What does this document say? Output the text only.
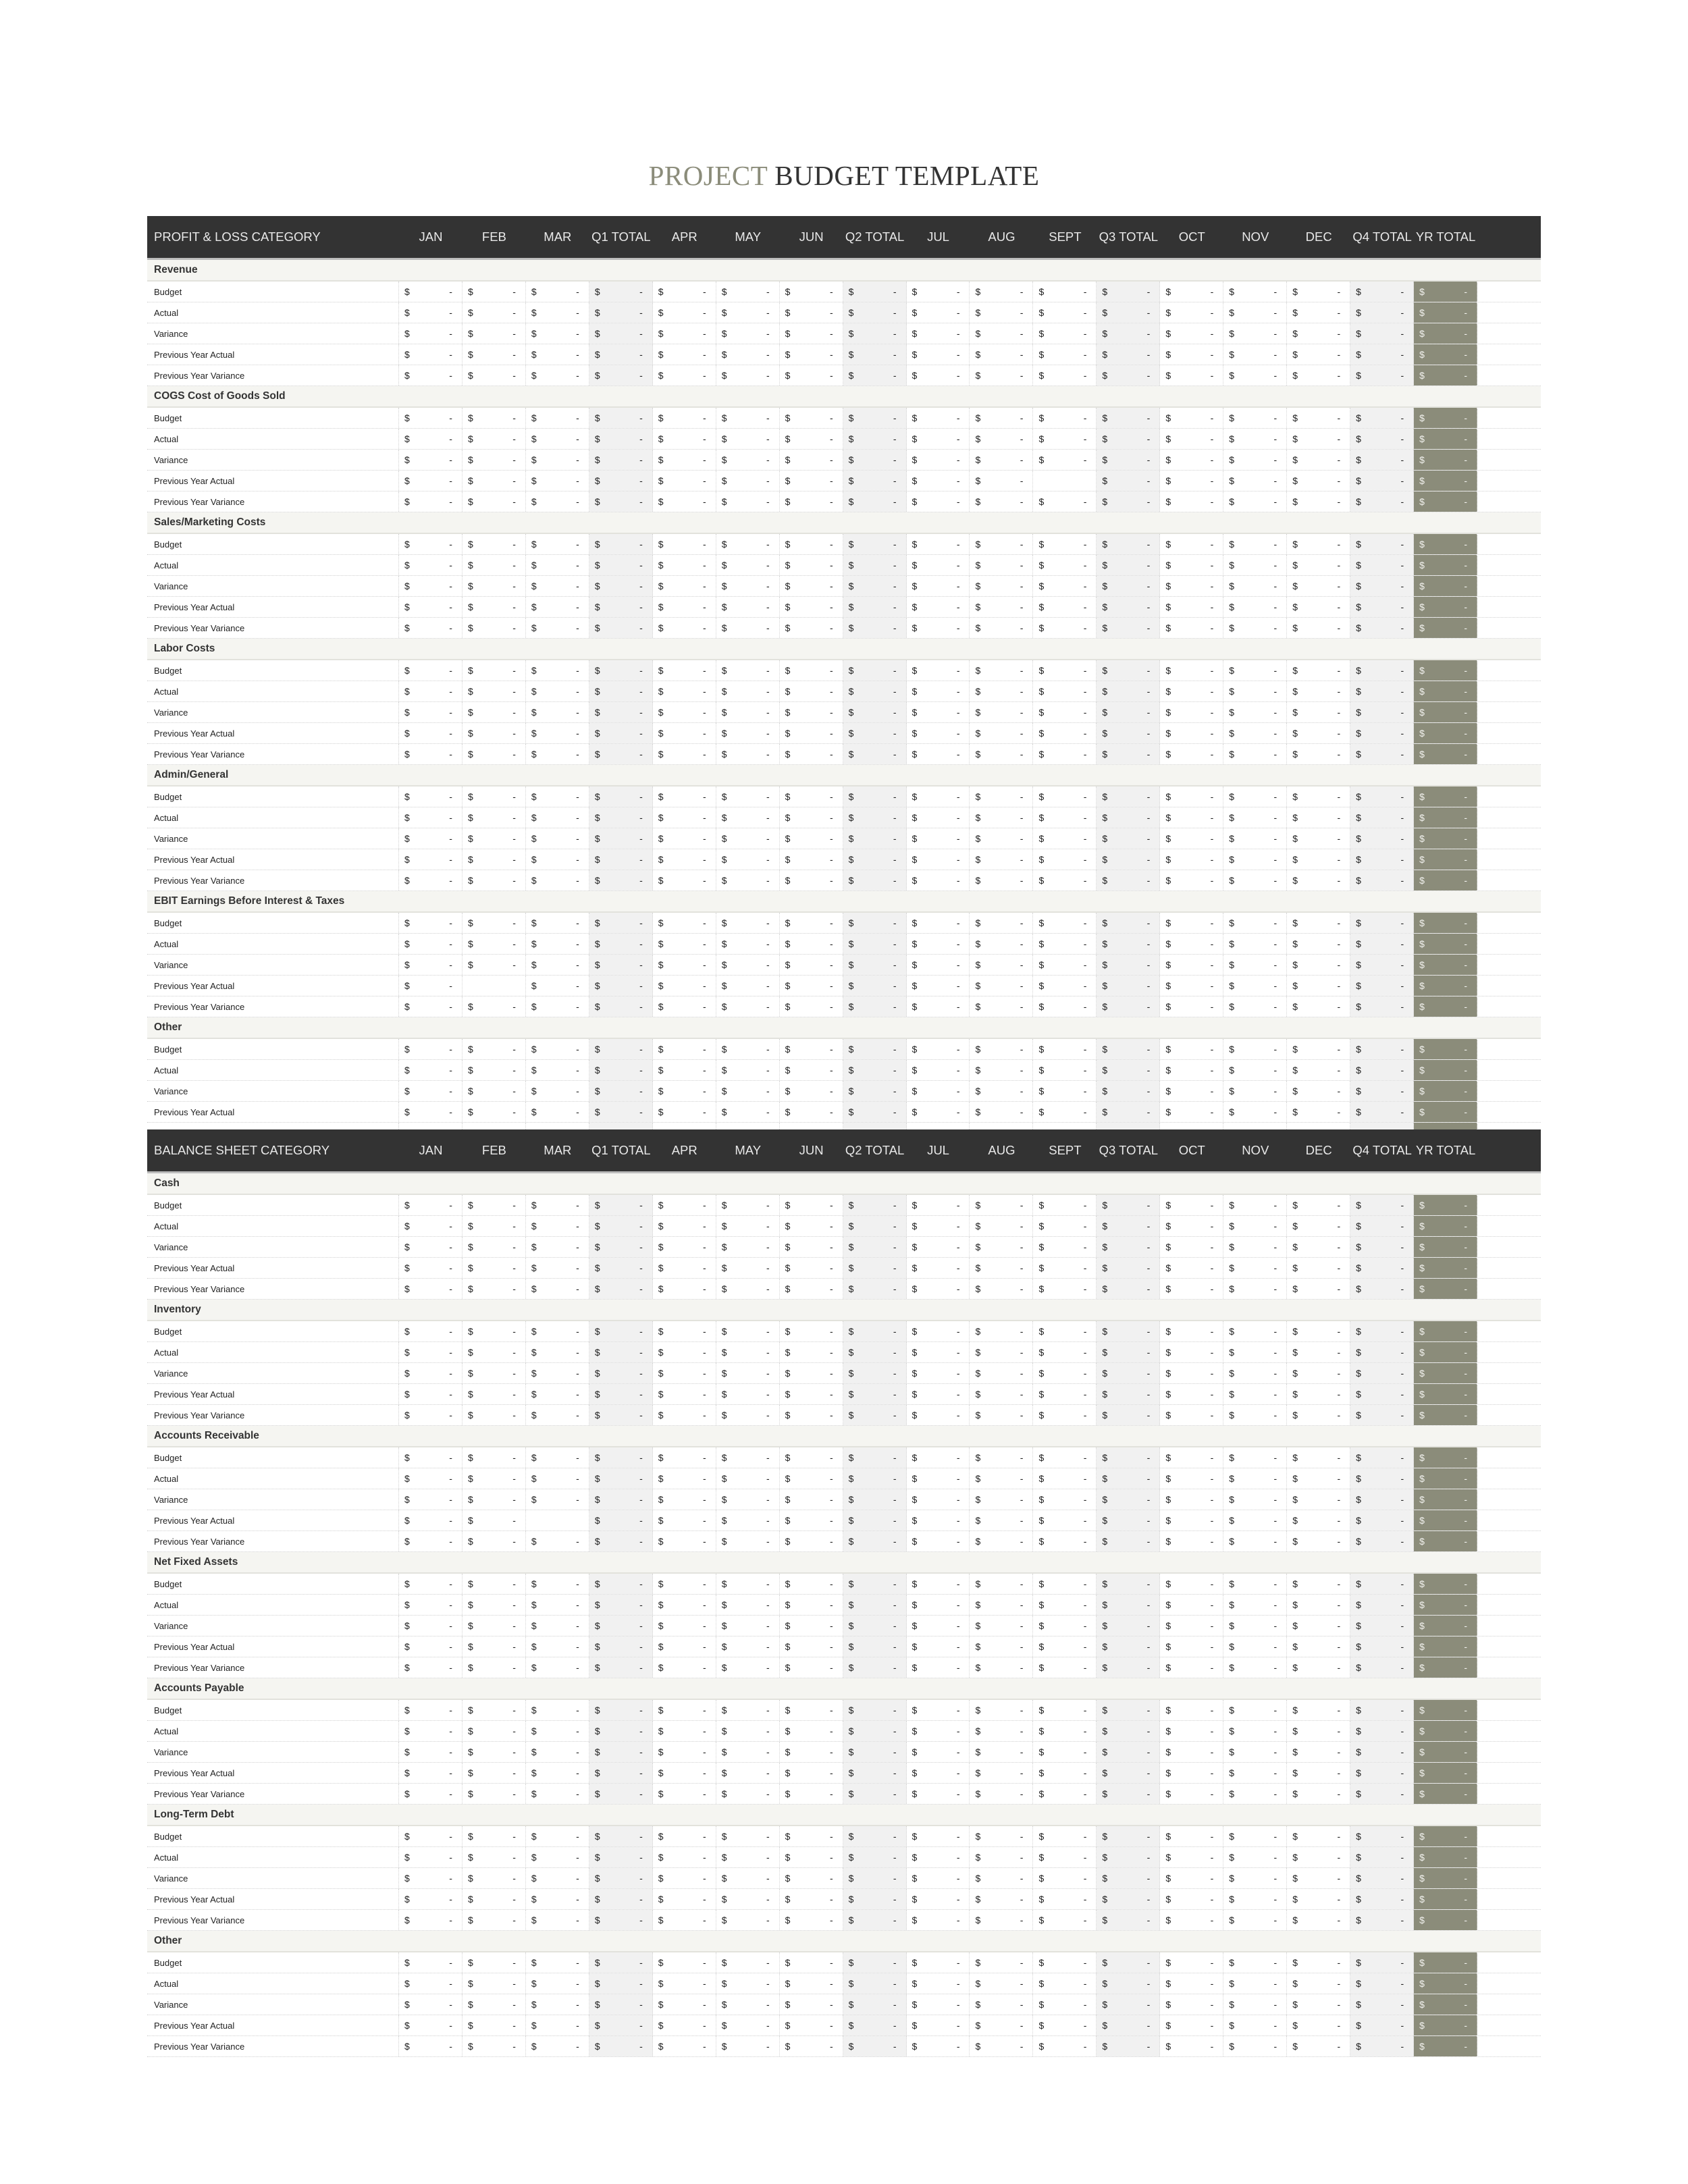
PROJECT BUDGET TEMPLATE
PROFIT & LOSS CATEGORY	JAN	FEB	MAR	Q1 TOTAL	APR	MAY	JUN	Q2 TOTAL	JUL	AUG	SEPT	Q3 TOTAL	OCT	NOV	DEC	Q4 TOTAL YR TOTAL
Revenue
Budget	$	- $	- $	- $	- $	- $	- $	- $	- $	- $	- $	- $	- $	- $	- $	- $	- $	-
Actual	$	- $	- $	- $	- $	- $	- $	- $	- $	- $	- $	- $	- $	- $	- $	- $	- $	-
Variance	$	- $	- $	- $	- $	- $	- $	- $	- $	- $	- $	- $	- $	- $	- $	- $	- $	-
Previous Year Actual	$	- $	- $	- $	- $	- $	- $	- $	- $	- $	- $	- $	- $	- $	- $	- $	- $	-
Previous Year Variance	$	- $	- $	- $	- $	- $	- $	- $	- $	- $	- $	- $	- $	- $	- $	- $	- $	-
COGS Cost of Goods Sold
Budget	$	- $	- $	- $	- $	- $	- $	- $	- $	- $	- $	- $	- $	- $	- $	- $	- $	-
Actual	$	- $	- $	- $	- $	- $	- $	- $	- $	- $	- $	- $	- $	- $	- $	- $	- $	-
Variance	$	- $	- $	- $	- $	- $	- $	- $	- $	- $	- $	- $	- $	- $	- $	- $	- $	-
Previous Year Actual	$	- $	- $	- $	- $	- $	- $	- $	- $	- $	-	$	- $	- $	- $	- $	- $	-
Previous Year Variance	$	- $	- $	- $	- $	- $	- $	- $	- $	- $	- $	- $	- $	- $	- $	- $	- $	-
Sales/Marketing Costs
Budget	$	- $	- $	- $	- $	- $	- $	- $	- $	- $	- $	- $	- $	- $	- $	- $	- $	-
Actual	$	- $	- $	- $	- $	- $	- $	- $	- $	- $	- $	- $	- $	- $	- $	- $	- $	-
Variance	$	- $	- $	- $	- $	- $	- $	- $	- $	- $	- $	- $	- $	- $	- $	- $	- $	-
Previous Year Actual	$	- $	- $	- $	- $	- $	- $	- $	- $	- $	- $	- $	- $	- $	- $	- $	- $	-
Previous Year Variance	$	- $	- $	- $	- $	- $	- $	- $	- $	- $	- $	- $	- $	- $	- $	- $	- $	-
Labor Costs
Budget	$	- $	- $	- $	- $	- $	- $	- $	- $	- $	- $	- $	- $	- $	- $	- $	- $	-
Actual	$	- $	- $	- $	- $	- $	- $	- $	- $	- $	- $	- $	- $	- $	- $	- $	- $	-
Variance	$	- $	- $	- $	- $	- $	- $	- $	- $	- $	- $	- $	- $	- $	- $	- $	- $	-
Previous Year Actual	$	- $	- $	- $	- $	- $	- $	- $	- $	- $	- $	- $	- $	- $	- $	- $	- $	-
Previous Year Variance	$	- $	- $	- $	- $	- $	- $	- $	- $	- $	- $	- $	- $	- $	- $	- $	- $	-
Admin/General
Budget	$	- $	- $	- $	- $	- $	- $	- $	- $	- $	- $	- $	- $	- $	- $	- $	- $	-
Actual	$	- $	- $	- $	- $	- $	- $	- $	- $	- $	- $	- $	- $	- $	- $	- $	- $	-
Variance	$	- $	- $	- $	- $	- $	- $	- $	- $	- $	- $	- $	- $	- $	- $	- $	- $	-
Previous Year Actual	$	- $	- $	- $	- $	- $	- $	- $	- $	- $	- $	- $	- $	- $	- $	- $	- $	-
Previous Year Variance	$	- $	- $	- $	- $	- $	- $	- $	- $	- $	- $	- $	- $	- $	- $	- $	- $	-
EBIT Earnings Before Interest & Taxes
Budget	$	- $	- $	- $	- $	- $	- $	- $	- $	- $	- $	- $	- $	- $	- $	- $	- $	-
Actual	$	- $	- $	- $	- $	- $	- $	- $	- $	- $	- $	- $	- $	- $	- $	- $	- $	-
Variance	$	- $	- $	- $	- $	- $	- $	- $	- $	- $	- $	- $	- $	- $	- $	- $	- $	-
Previous Year Actual	$	-	$	- $	- $	- $	- $	- $	- $	- $	- $	- $	- $	- $	- $	- $	- $	-
Previous Year Variance	$	- $	- $	- $	- $	- $	- $	- $	- $	- $	- $	- $	- $	- $	- $	- $	- $	-
Other
Budget	$	- $	- $	- $	- $	- $	- $	- $	- $	- $	- $	- $	- $	- $	- $	- $	- $	-
Actual	$	- $	- $	- $	- $	- $	- $	- $	- $	- $	- $	- $	- $	- $	- $	- $	- $	-
Variance	$	- $	- $	- $	- $	- $	- $	- $	- $	- $	- $	- $	- $	- $	- $	- $	- $	-
Previous Year Actual	$	- $	- $	- $	- $	- $	- $	- $	- $	- $	- $	- $	- $	- $	- $	- $	- $	-
BALANCE SHEET CATEGORY	JAN	FEB	MAR	Q1 TOTAL	APR	MAY	JUN	Q2 TOTAL	JUL	AUG	SEPT	Q3 TOTAL	OCT	NOV	DEC	Q4 TOTAL YR TOTAL
Cash
Budget	$	- $	- $	- $	- $	- $	- $	- $	- $	- $	- $	- $	- $	- $	- $	- $	- $	-
Actual	$	- $	- $	- $	- $	- $	- $	- $	- $	- $	- $	- $	- $	- $	- $	- $	- $	-
Variance	$	- $	- $	- $	- $	- $	- $	- $	- $	- $	- $	- $	- $	- $	- $	- $	- $	-
Previous Year Actual	$	- $	- $	- $	- $	- $	- $	- $	- $	- $	- $	- $	- $	- $	- $	- $	- $	-
Previous Year Variance	$	- $	- $	- $	- $	- $	- $	- $	- $	- $	- $	- $	- $	- $	- $	- $	- $	-
Inventory
Budget	$	- $	- $	- $	- $	- $	- $	- $	- $	- $	- $	- $	- $	- $	- $	- $	- $	-
Actual	$	- $	- $	- $	- $	- $	- $	- $	- $	- $	- $	- $	- $	- $	- $	- $	- $	-
Variance	$	- $	- $	- $	- $	- $	- $	- $	- $	- $	- $	- $	- $	- $	- $	- $	- $	-
Previous Year Actual	$	- $	- $	- $	- $	- $	- $	- $	- $	- $	- $	- $	- $	- $	- $	- $	- $	-
Previous Year Variance	$	- $	- $	- $	- $	- $	- $	- $	- $	- $	- $	- $	- $	- $	- $	- $	- $	-
Accounts Receivable
Budget	$	- $	- $	- $	- $	- $	- $	- $	- $	- $	- $	- $	- $	- $	- $	- $	- $	-
Actual	$	- $	- $	- $	- $	- $	- $	- $	- $	- $	- $	- $	- $	- $	- $	- $	- $	-
Variance	$	- $	- $	- $	- $	- $	- $	- $	- $	- $	- $	- $	- $	- $	- $	- $	- $	-
Previous Year Actual	$	- $	-	$	- $	- $	- $	- $	- $	- $	- $	- $	- $	- $	- $	- $	- $	-
Previous Year Variance	$	- $	- $	- $	- $	- $	- $	- $	- $	- $	- $	- $	- $	- $	- $	- $	- $	-
Net Fixed Assets
Budget	$	- $	- $	- $	- $	- $	- $	- $	- $	- $	- $	- $	- $	- $	- $	- $	- $	-
Actual	$	- $	- $	- $	- $	- $	- $	- $	- $	- $	- $	- $	- $	- $	- $	- $	- $	-
Variance	$	- $	- $	- $	- $	- $	- $	- $	- $	- $	- $	- $	- $	- $	- $	- $	- $	-
Previous Year Actual	$	- $	- $	- $	- $	- $	- $	- $	- $	- $	- $	- $	- $	- $	- $	- $	- $	-
Previous Year Variance	$	- $	- $	- $	- $	- $	- $	- $	- $	- $	- $	- $	- $	- $	- $	- $	- $	-
Accounts Payable
Budget	$	- $	- $	- $	- $	- $	- $	- $	- $	- $	- $	- $	- $	- $	- $	- $	- $	-
Actual	$	- $	- $	- $	- $	- $	- $	- $	- $	- $	- $	- $	- $	- $	- $	- $	- $	-
Variance	$	- $	- $	- $	- $	- $	- $	- $	- $	- $	- $	- $	- $	- $	- $	- $	- $	-
Previous Year Actual	$	- $	- $	- $	- $	- $	- $	- $	- $	- $	- $	- $	- $	- $	- $	- $	- $	-
Previous Year Variance	$	- $	- $	- $	- $	- $	- $	- $	- $	- $	- $	- $	- $	- $	- $	- $	- $	-
Long-Term Debt
Budget	$	- $	- $	- $	- $	- $	- $	- $	- $	- $	- $	- $	- $	- $	- $	- $	- $	-
Actual	$	- $	- $	- $	- $	- $	- $	- $	- $	- $	- $	- $	- $	- $	- $	- $	- $	-
Variance	$	- $	- $	- $	- $	- $	- $	- $	- $	- $	- $	- $	- $	- $	- $	- $	- $	-
Previous Year Actual	$	- $	- $	- $	- $	- $	- $	- $	- $	- $	- $	- $	- $	- $	- $	- $	- $	-
Previous Year Variance	$	- $	- $	- $	- $	- $	- $	- $	- $	- $	- $	- $	- $	- $	- $	- $	- $	-
Other
Budget	$	- $	- $	- $	- $	- $	- $	- $	- $	- $	- $	- $	- $	- $	- $	- $	- $	-
Actual	$	- $	- $	- $	- $	- $	- $	- $	- $	- $	- $	- $	- $	- $	- $	- $	- $	-
Variance	$	- $	- $	- $	- $	- $	- $	- $	- $	- $	- $	- $	- $	- $	- $	- $	- $	-
Previous Year Actual	$	- $	- $	- $	- $	- $	- $	- $	- $	- $	- $	- $	- $	- $	- $	- $	- $	-
Previous Year Variance	$	- $	- $	- $	- $	- $	- $	- $	- $	- $	- $	- $	- $	- $	- $	- $	- $	-
